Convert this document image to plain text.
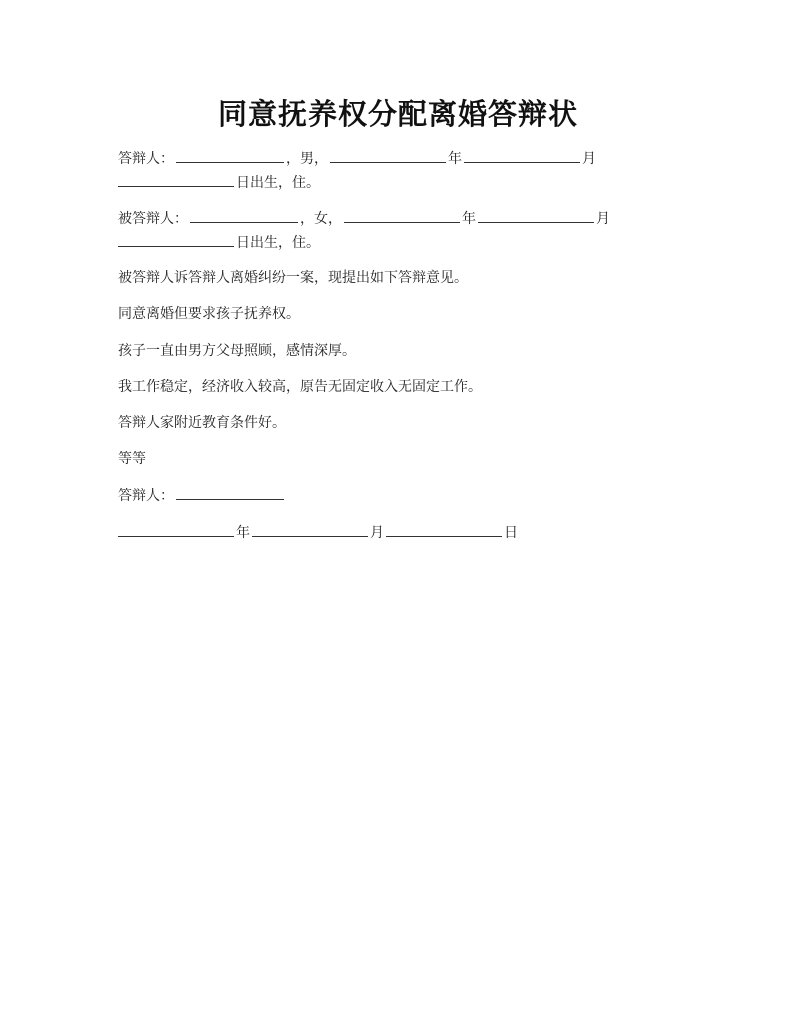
同意抚养权分配离婚答辩状
答辩人：	，男，	年	月
日出生，住。
被答辩人：	，女，	年	月
日出生，住。
被答辩人诉答辩人离婚纠纷一案，现提出如下答辩意见。
同意离婚但要求孩子抚养权。
孩子一直由男方父母照顾，感情深厚。
我工作稳定，经济收入较高，原告无固定收入无固定工作。
答辩人家附近教育条件好。
等等
答辩人：
年	月	日
